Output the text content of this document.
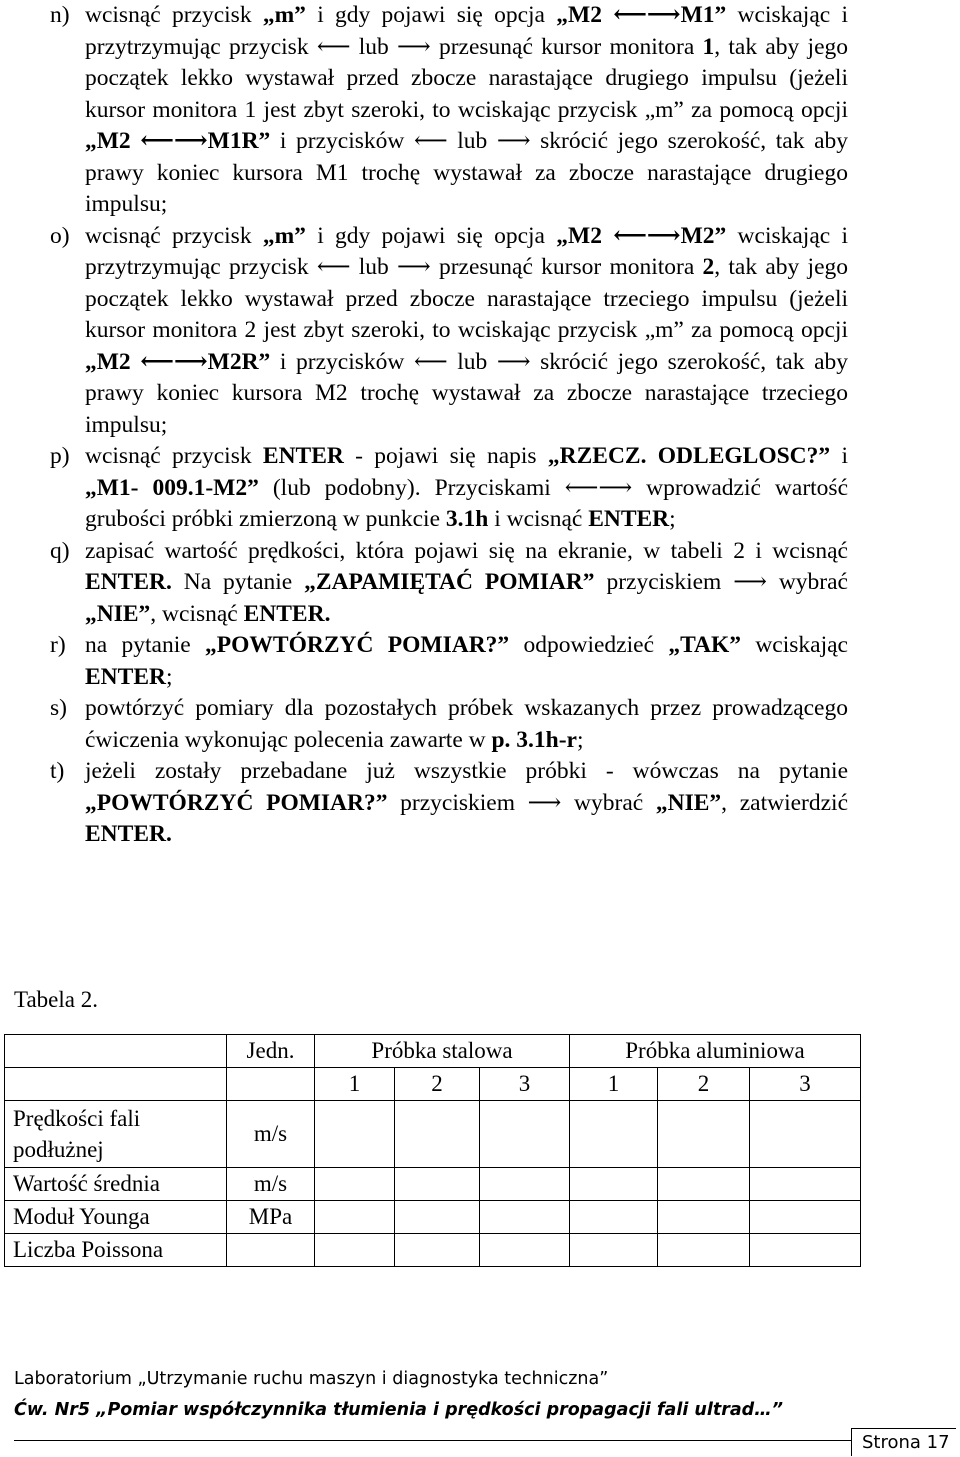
n) wcisnąć przycisk „m” i gdy pojawi się opcja „M2 ⟵⟶M1” wciskając i przytrzymując przycisk ⟵ lub ⟶ przesunąć kursor monitora 1, tak aby jego początek lekko wystawał przed zbocze narastające drugiego impulsu (jeżeli kursor monitora 1 jest zbyt szeroki, to wciskając przycisk „m” za pomocą opcji „M2 ⟵⟶M1R” i przycisków ⟵ lub ⟶ skrócić jego szerokość, tak aby prawy koniec kursora M1 trochę wystawał za zbocze narastające drugiego impulsu;

o) wcisnąć przycisk „m” i gdy pojawi się opcja „M2 ⟵⟶M2” wciskając i przytrzymując przycisk ⟵ lub ⟶ przesunąć kursor monitora 2, tak aby jego początek lekko wystawał przed zbocze narastające trzeciego impulsu (jeżeli kursor monitora 2 jest zbyt szeroki, to wciskając przycisk „m” za pomocą opcji „M2 ⟵⟶M2R” i przycisków ⟵ lub ⟶ skrócić jego szerokość, tak aby prawy koniec kursora M2 trochę wystawał za zbocze narastające trzeciego impulsu;

p) wcisnąć przycisk ENTER - pojawi się napis „RZECZ. ODLEGLOSC?” i „M1- 009.1-M2” (lub podobny). Przyciskami ⟵⟶ wprowadzić wartość grubości próbki zmierzoną w punkcie 3.1h i wcisnąć ENTER;

q) zapisać wartość prędkości, która pojawi się na ekranie, w tabeli 2 i wcisnąć ENTER. Na pytanie „ZAPAMIĘTAĆ POMIAR” przyciskiem ⟶ wybrać „NIE”, wcisnąć ENTER.

r) na pytanie „POWTÓRZYĆ POMIAR?” odpowiedzieć „TAK” wciskając ENTER;

s) powtórzyć pomiary dla pozostałych próbek wskazanych przez prowadzącego ćwiczenia wykonując polecenia zawarte w p. 3.1h-r;

t) jeżeli zostały przebadane już wszystkie próbki - wówczas na pytanie „POWTÓRZYĆ POMIAR?” przyciskiem ⟶ wybrać „NIE”, zatwierdzić ENTER.

Tabela 2.
	Jedn.	Próbka stalowa			Próbka aluminiowa		
		1	2	3	1	2	3
Prędkości fali podłużnej	m/s						
Wartość średnia	m/s						
Moduł Younga	MPa						
Liczba Poissona							
Laboratorium „Utrzymanie ruchu maszyn i diagnostyka techniczna”
Ćw. Nr5 „Pomiar współczynnika tłumienia i prędkości propagacji fali ultrad…”
Strona 17
